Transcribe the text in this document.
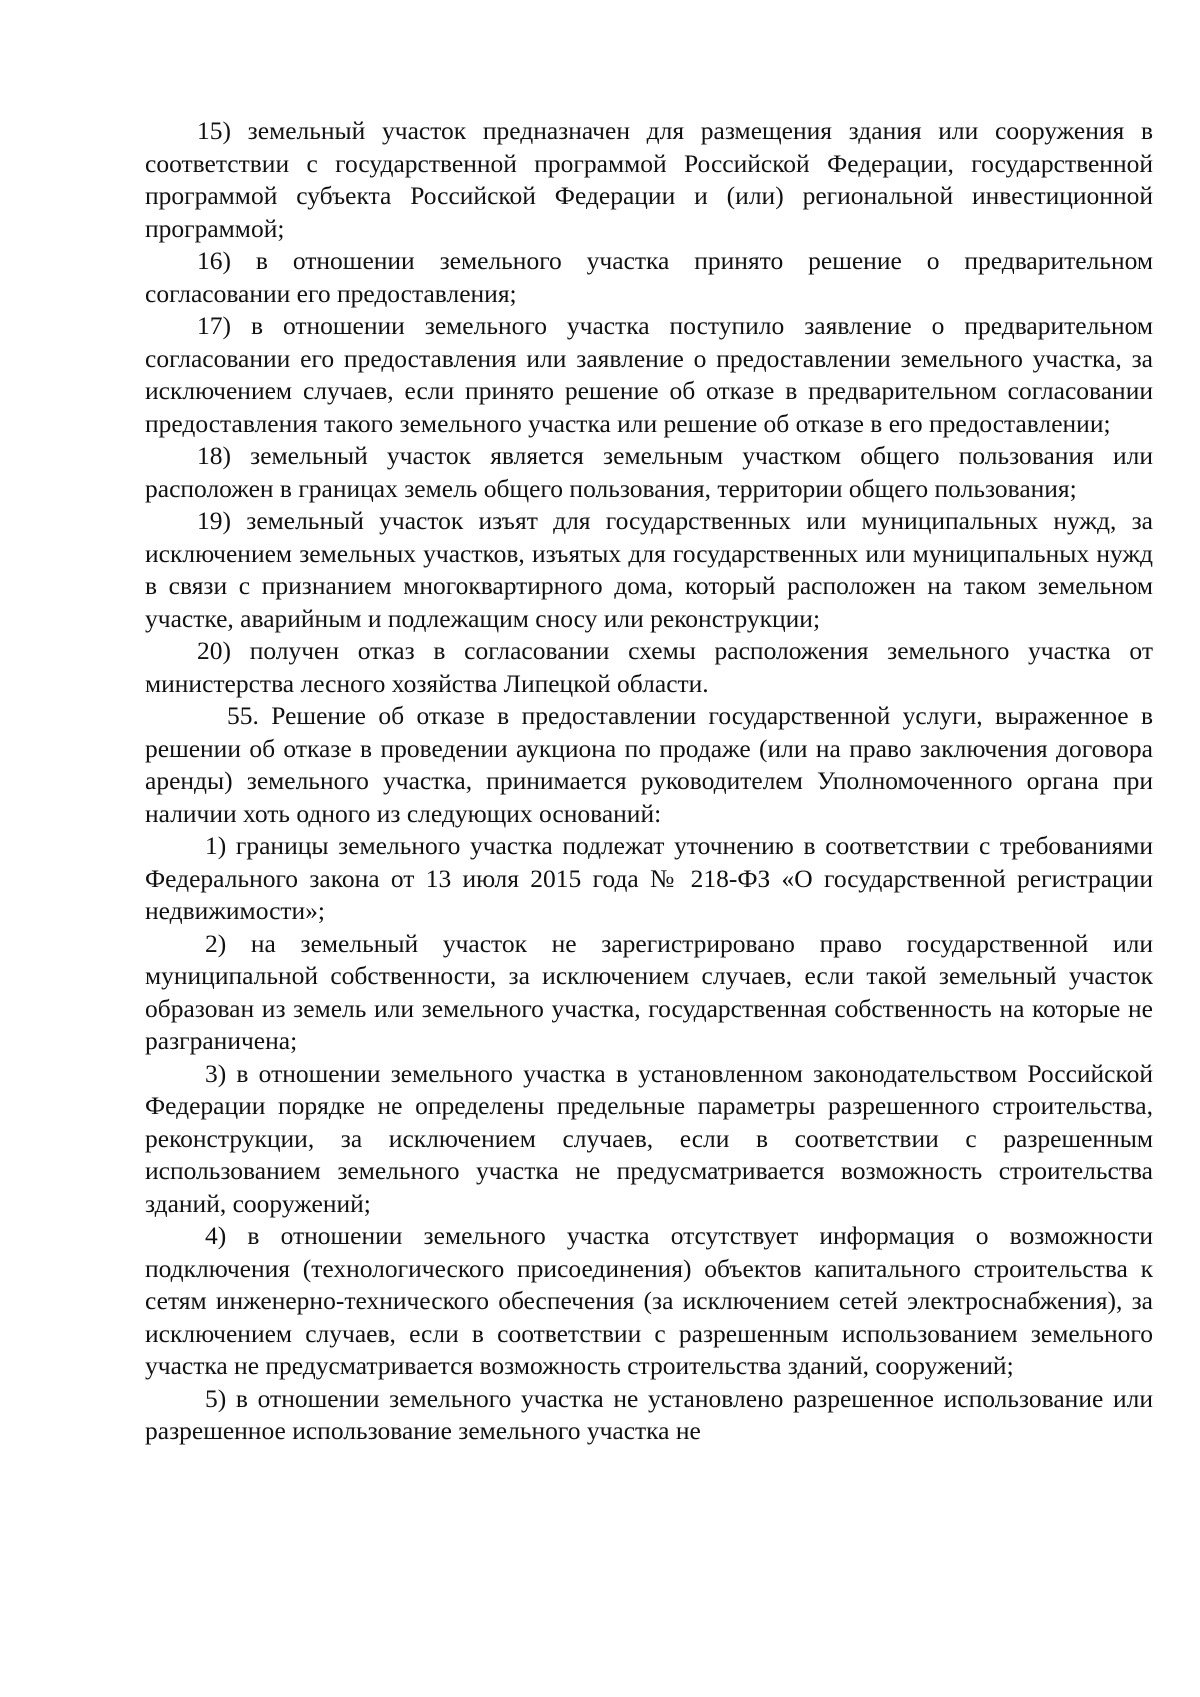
15) земельный участок предназначен для размещения здания или сооружения в соответствии с государственной программой Российской Федерации, государственной программой субъекта Российской Федерации и (или) региональной инвестиционной программой;

16) в отношении земельного участка принято решение о предварительном согласовании его предоставления;

17) в отношении земельного участка поступило заявление о предварительном согласовании его предоставления или заявление о предоставлении земельного участка, за исключением случаев, если принято решение об отказе в предварительном согласовании предоставления такого земельного участка или решение об отказе в его предоставлении;

18) земельный участок является земельным участком общего пользования или расположен в границах земель общего пользования, территории общего пользования;

19) земельный участок изъят для государственных или муниципальных нужд, за исключением земельных участков, изъятых для государственных или муниципальных нужд в связи с признанием многоквартирного дома, который расположен на таком земельном участке, аварийным и подлежащим сносу или реконструкции;

20) получен отказ в согласовании схемы расположения земельного участка от министерства лесного хозяйства Липецкой области.

55. Решение об отказе в предоставлении государственной услуги, выраженное в решении об отказе в проведении аукциона по продаже (или на право заключения договора аренды) земельного участка, принимается руководителем Уполномоченного органа при наличии хоть одного из следующих оснований:

1) границы земельного участка подлежат уточнению в соответствии с требованиями Федерального закона от 13 июля 2015 года № 218-ФЗ «О государственной регистрации недвижимости»;

2) на земельный участок не зарегистрировано право государственной или муниципальной собственности, за исключением случаев, если такой земельный участок образован из земель или земельного участка, государственная собственность на которые не разграничена;

3) в отношении земельного участка в установленном законодательством Российской Федерации порядке не определены предельные параметры разрешенного строительства, реконструкции, за исключением случаев, если в соответствии с разрешенным использованием земельного участка не предусматривается возможность строительства зданий, сооружений;

4) в отношении земельного участка отсутствует информация о возможности подключения (технологического присоединения) объектов капитального строительства к сетям инженерно-технического обеспечения (за исключением сетей электроснабжения), за исключением случаев, если в соответствии с разрешенным использованием земельного участка не предусматривается возможность строительства зданий, сооружений;

5) в отношении земельного участка не установлено разрешенное использование или разрешенное использование земельного участка не
